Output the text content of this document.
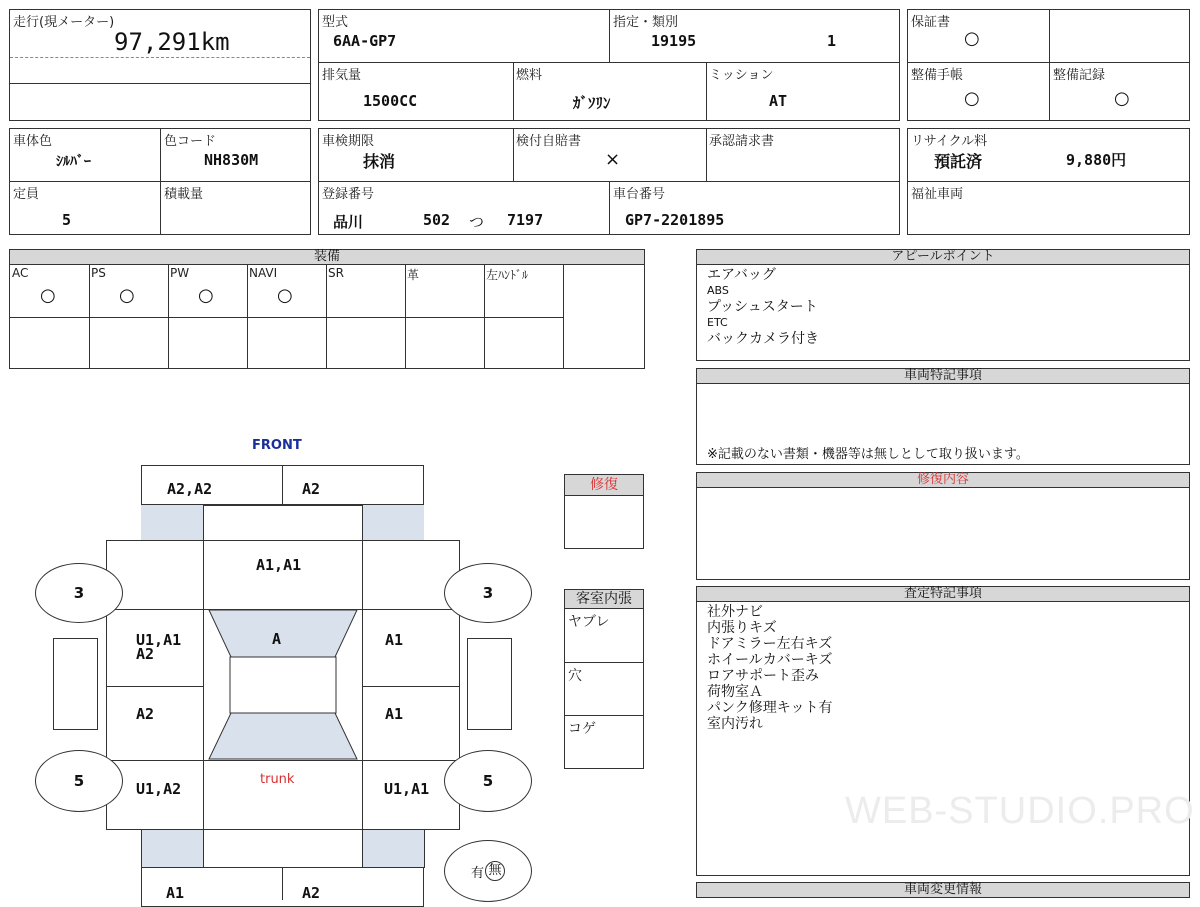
走行(現メーター)
97,291km
型式
6AA-GP7
指定・類別
19195	1
排気量
1500CC
燃料
ｶﾞｿﾘﾝ
ミッション
AT
保証書
○
整備手帳
○
整備記録
○
車体色
ｼﾙﾊﾞｰ
色コード
NH830M
定員
5
積載量
車検期限
抹消
検付自賠書
×
承認請求書
登録番号
品川	502 つ 7197
車台番号
GP7-2201895
リサイクル料
預託済	9,880円
福祉車両
装備
AC
○
PS
○
PW
○
NAVI
○
SR	革	左ﾊﾝﾄﾞﾙ
アピールポイント
エアバッグ
ABS
プッシュスタート
ETC
バックカメラ付き
車両特記事項
※記載のない書類・機器等は無しとして取り扱います。
修復内容
査定特記事項
社外ナビ
内張りキズ
ドアミラー左右キズ
ホイールカバーキズ
ロアサポート歪み
荷物室Ａ
パンク修理キット有
室内汚れ
車両変更情報
修復
客室内張
ヤブレ
穴
コゲ
FRONT
A2,A2	A2
A1,A1
A
U1,A1
A2
A1
A2	A1
U1,A2	U1,A1
trunk
3	3
5	5
A1	A2
有 無
WEB-STUDIO.PRO
